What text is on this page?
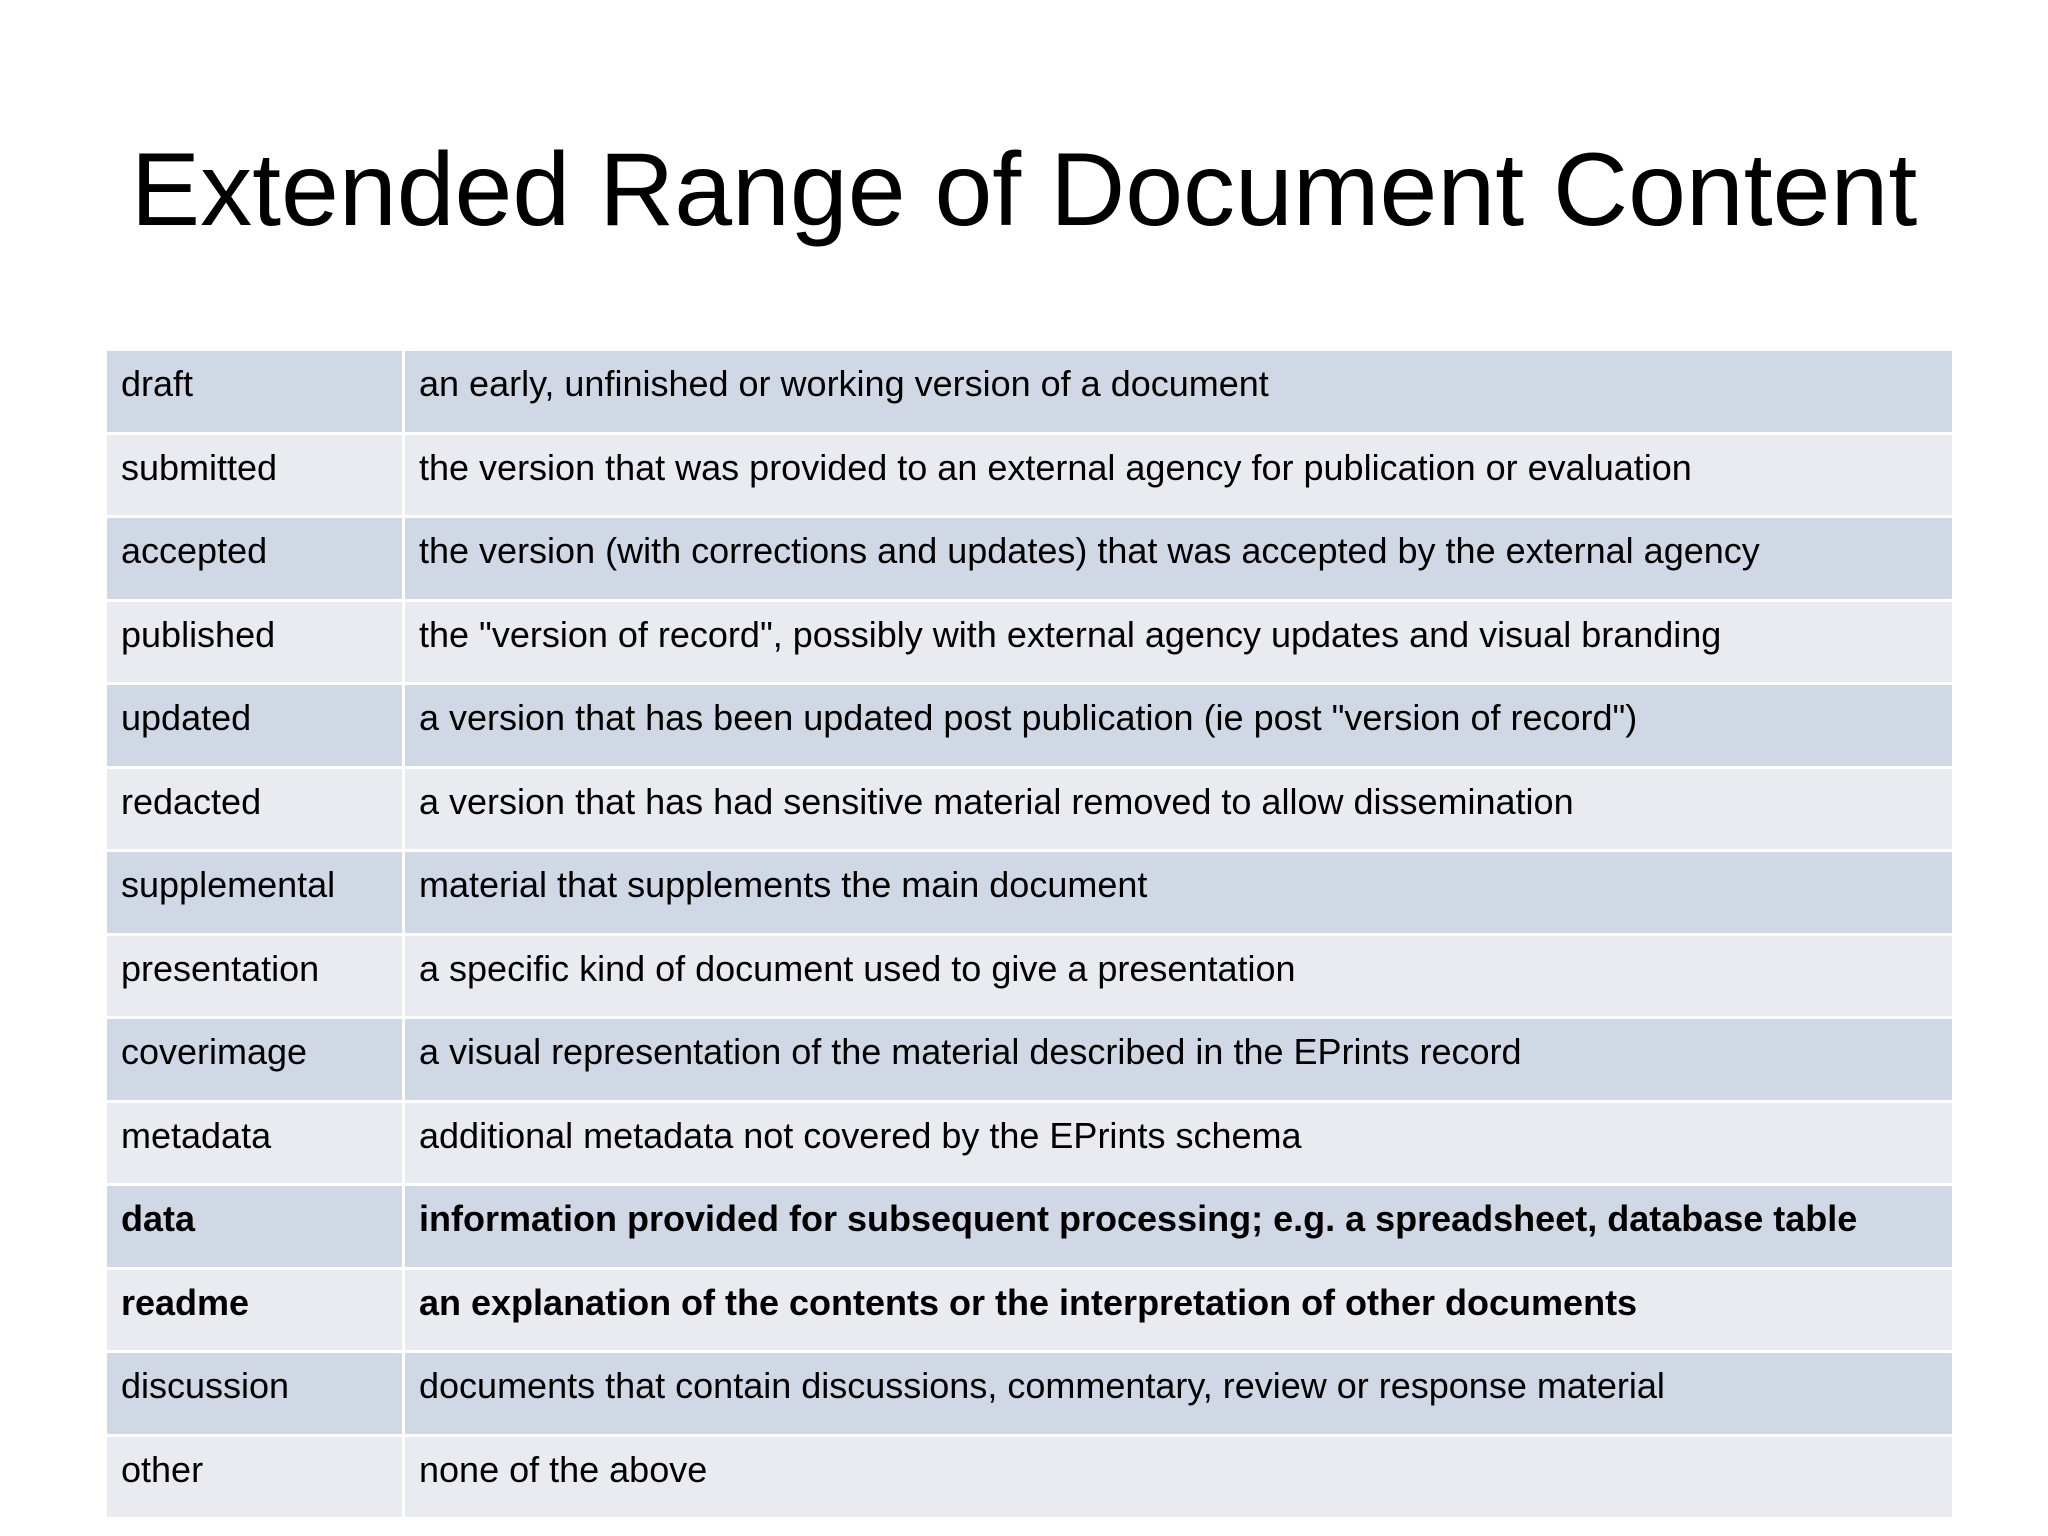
Extended Range of Document Content
draft	an early, unfinished or working version of a document
submitted	the version that was provided to an external agency for publication or evaluation
accepted	the version (with corrections and updates) that was accepted by the external agency
published	the "version of record", possibly with external agency updates and visual branding
updated	a version that has been updated post publication (ie post "version of record")
redacted	a version that has had sensitive material removed to allow dissemination
supplemental	material that supplements the main document
presentation	a specific kind of document used to give a presentation
coverimage	a visual representation of the material described in the EPrints record
metadata	additional metadata not covered by the EPrints schema
data	information provided for subsequent processing; e.g. a spreadsheet, database table
readme	an explanation of the contents or the interpretation of other documents
discussion	documents that contain discussions, commentary, review or response material
other	none of the above
